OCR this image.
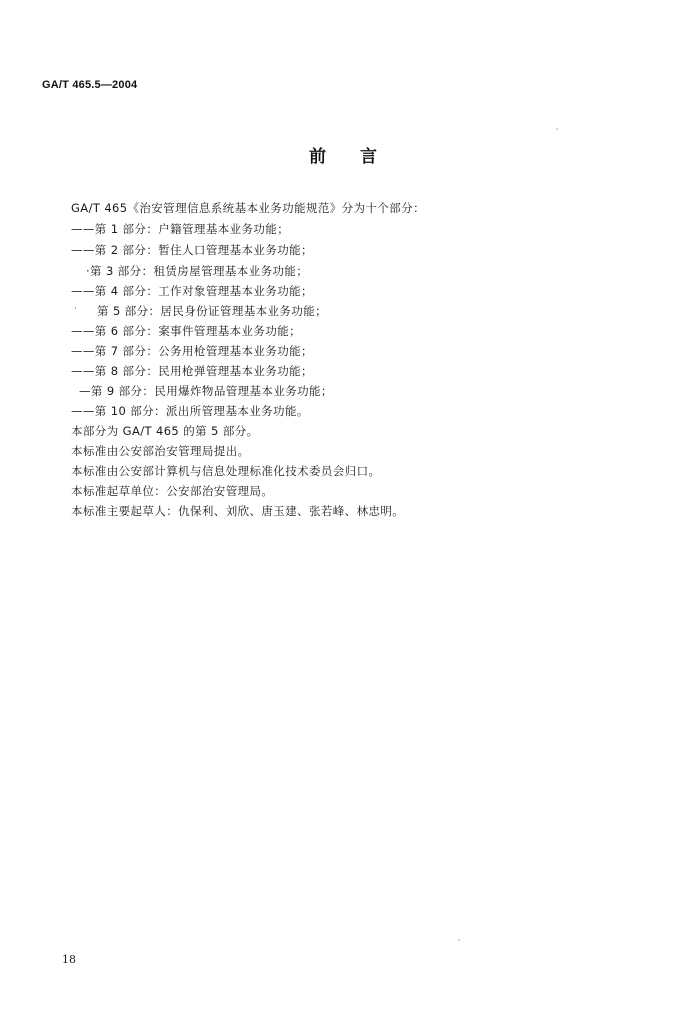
GA/T 465.5—2004
前言
GA/T 465《治安管理信息系统基本业务功能规范》分为十个部分：
——第 1 部分：户籍管理基本业务功能；
——第 2 部分：暂住人口管理基本业务功能；
·第 3 部分：租赁房屋管理基本业务功能；
——第 4 部分：工作对象管理基本业务功能；
· 第 5 部分：居民身份证管理基本业务功能；
——第 6 部分：案事件管理基本业务功能；
——第 7 部分：公务用枪管理基本业务功能；
——第 8 部分：民用枪弹管理基本业务功能；
—第 9 部分：民用爆炸物品管理基本业务功能；
——第 10 部分：派出所管理基本业务功能。
本部分为 GA/T 465 的第 5 部分。
本标准由公安部治安管理局提出。
本标准由公安部计算机与信息处理标准化技术委员会归口。
本标准起草单位：公安部治安管理局。
本标准主要起草人：仇保利、刘欣、唐玉建、张若峰、林忠明。
18
